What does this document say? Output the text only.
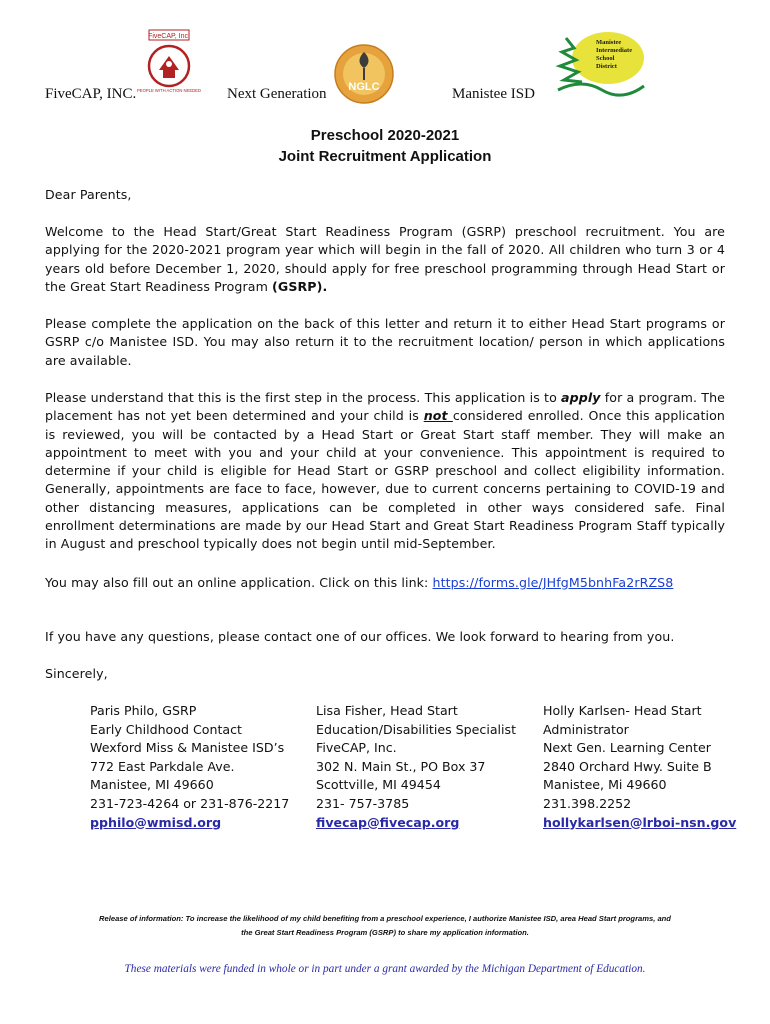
FiveCAP, Inc.
PEOPLE WITH ACTION NEEDED
FiveCAP, INC.	NGLC
Next Generation
Manistee
Intermediate
School
District
Manistee ISD
Preschool 2020-2021
Joint Recruitment Application
Dear Parents,
Welcome to the Head Start/Great Start Readiness Program (GSRP) preschool recruitment. You are applying for the 2020-2021 program year which will begin in the fall of 2020. All children who turn 3 or 4 years old before December 1, 2020, should apply for free preschool programming through Head Start or the Great Start Readiness Program (GSRP).
Please complete the application on the back of this letter and return it to either Head Start programs or GSRP c/o Manistee ISD. You may also return it to the recruitment location/ person in which applications are available.
Please understand that this is the first step in the process. This application is to apply for a program. The placement has not yet been determined and your child is not considered enrolled. Once this application is reviewed, you will be contacted by a Head Start or Great Start staff member. They will make an appointment to meet with you and your child at your convenience. This appointment is required to determine if your child is eligible for Head Start or GSRP preschool and collect eligibility information. Generally, appointments are face to face, however, due to current concerns pertaining to COVID-19 and other distancing measures, applications can be completed in other ways considered safe. Final enrollment determinations are made by our Head Start and Great Start Readiness Program Staff typically in August and preschool typically does not begin until mid-September.
You may also fill out an online application. Click on this link: https://forms.gle/JHfgM5bnhFa2rRZS8
If you have any questions, please contact one of our offices. We look forward to hearing from you.
Sincerely,
Paris Philo, GSRP
Early Childhood Contact
Wexford Miss & Manistee ISD’s
772 East Parkdale Ave.
Manistee, MI 49660
231-723-4264 or 231-876-2217
pphilo@wmisd.org
Lisa Fisher, Head Start
Education/Disabilities Specialist
FiveCAP, Inc.
302 N. Main St., PO Box 37
Scottville, MI 49454
231- 757-3785
fivecap@fivecap.org
Holly Karlsen- Head Start
Administrator
Next Gen. Learning Center
2840 Orchard Hwy. Suite B
Manistee, Mi 49660
231.398.2252
hollykarlsen@lrboi-nsn.gov
Release of information: To increase the likelihood of my child benefiting from a preschool experience, I authorize Manistee ISD, area Head Start programs, and
the Great Start Readiness Program (GSRP) to share my application information.
These materials were funded in whole or in part under a grant awarded by the Michigan Department of Education.
